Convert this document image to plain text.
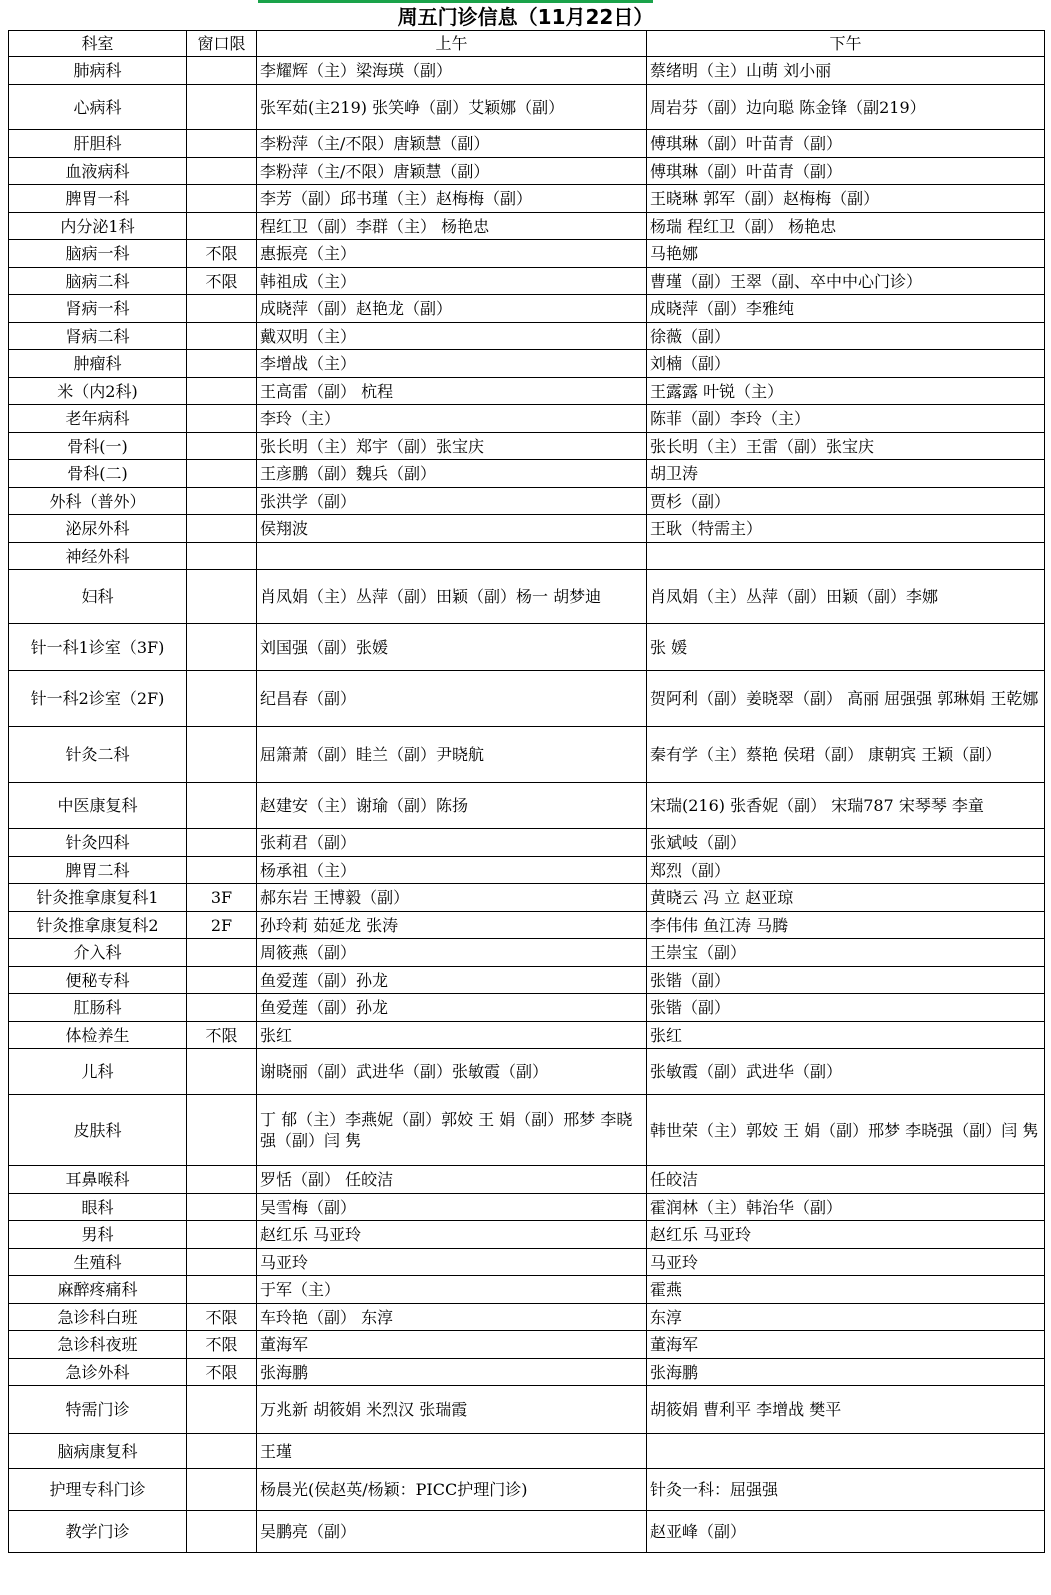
周五门诊信息（11月22日）
科室	窗口限	上午	下午
肺病科		李耀辉（主）梁海瑛（副）	蔡绪明（主）山萌 刘小丽
心病科		张军茹(主219) 张笑峥（副）艾颖娜（副）	周岩芬（副）边向聪 陈金锋（副219）
肝胆科		李粉萍（主/不限）唐颖慧（副）	傅琪琳（副）叶苗青（副）
血液病科		李粉萍（主/不限）唐颖慧（副）	傅琪琳（副）叶苗青（副）
脾胃一科		李芳（副）邱书瑾（主）赵梅梅（副）	王晓琳 郭军（副）赵梅梅（副）
内分泌1科		程红卫（副）李群（主） 杨艳忠	杨瑞 程红卫（副） 杨艳忠
脑病一科	不限	惠振亮（主）	马艳娜
脑病二科	不限	韩祖成（主）	曹瑾（副）王翠（副、卒中中心门诊）
肾病一科		成晓萍（副）赵艳龙（副）	成晓萍（副）李雅纯
肾病二科		戴双明（主）	徐薇（副）
肿瘤科		李增战（主）	刘楠（副）
米（内2科)		王高雷（副） 杭程	王露露 叶锐（主）
老年病科		李玲（主）	陈菲（副）李玲（主）
骨科(一)		张长明（主）郑宇（副）张宝庆	张长明（主）王雷（副）张宝庆
骨科(二)		王彦鹏（副）魏兵（副）	胡卫涛
外科（普外）		张洪学（副）	贾杉（副）
泌尿外科		侯翔波	王耿（特需主）
神经外科			
妇科		肖凤娟（主）丛萍（副）田颖（副）杨一 胡梦迪	肖凤娟（主）丛萍（副）田颖（副）李娜
针一科1诊室（3F)		刘国强（副）张媛	张 媛
针一科2诊室（2F)		纪昌春（副）	贺阿利（副）姜晓翠（副） 高丽 屈强强 郭琳娟 王乾娜
针灸二科		屈箫萧（副）眭兰（副）尹晓航	秦有学（主）蔡艳 侯珺（副） 康朝宾 王颖（副）
中医康复科		赵建安（主）谢瑜（副）陈扬	宋瑞(216) 张香妮（副） 宋瑞787 宋琴琴 李童
针灸四科		张莉君（副）	张斌岐（副）
脾胃二科		杨承祖（主）	郑烈（副）
针灸推拿康复科1	3F	郝东岩 王博毅（副）	黄晓云 冯 立 赵亚琼
针灸推拿康复科2	2F	孙玲莉 茹延龙 张涛	李伟伟 鱼江涛 马腾
介入科		周筱燕（副）	王崇宝（副）
便秘专科		鱼爱莲（副）孙龙	张锴（副）
肛肠科		鱼爱莲（副）孙龙	张锴（副）
体检养生	不限	张红	张红
儿科		谢晓丽（副）武进华（副）张敏霞（副）	张敏霞（副）武进华（副）
皮肤科		丁 郁（主）李燕妮（副）郭姣 王 娟（副）邢梦 李晓强（副）闫 隽	韩世荣（主）郭姣 王 娟（副）邢梦 李晓强（副）闫 隽
耳鼻喉科		罗恬（副） 任皎洁	任皎洁
眼科		吴雪梅（副）	霍润林（主）韩治华（副）
男科		赵红乐 马亚玲	赵红乐 马亚玲
生殖科		马亚玲	马亚玲
麻醉疼痛科		于军（主）	霍燕
急诊科白班	不限	车玲艳（副） 东淳	东淳
急诊科夜班	不限	董海军	董海军
急诊外科	不限	张海鹏	张海鹏
特需门诊		万兆新 胡筱娟 米烈汉 张瑞霞	胡筱娟 曹利平 李增战 樊平
脑病康复科		王瑾	
护理专科门诊		杨晨光(侯赵英/杨颖：PICC护理门诊)	针灸一科：屈强强
教学门诊		吴鹏亮（副）	赵亚峰（副）
